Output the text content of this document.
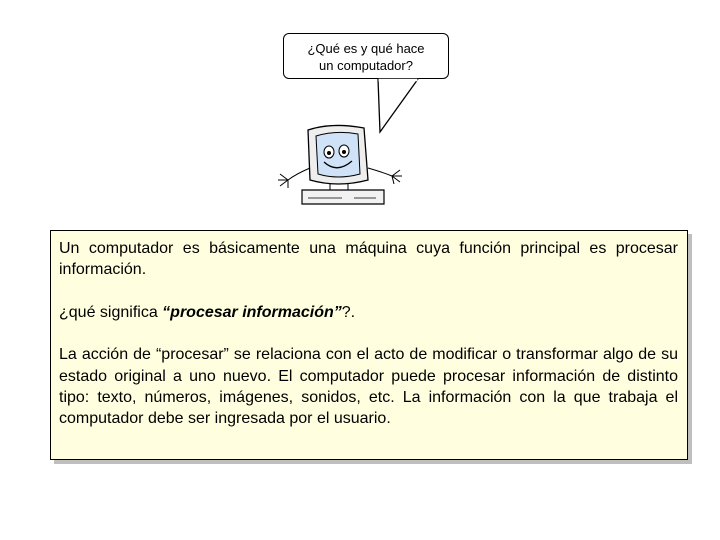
¿Qué es y qué hace
un computador?

Un computador es básicamente una máquina cuya función principal es procesar información.

¿qué significa “procesar información”?.

La acción de “procesar” se relaciona con el acto de modificar o transformar algo de su estado original a uno nuevo. El computador puede procesar información de distinto tipo: texto, números, imágenes, sonidos, etc. La información con la que trabaja el computador debe ser ingresada por el usuario.
